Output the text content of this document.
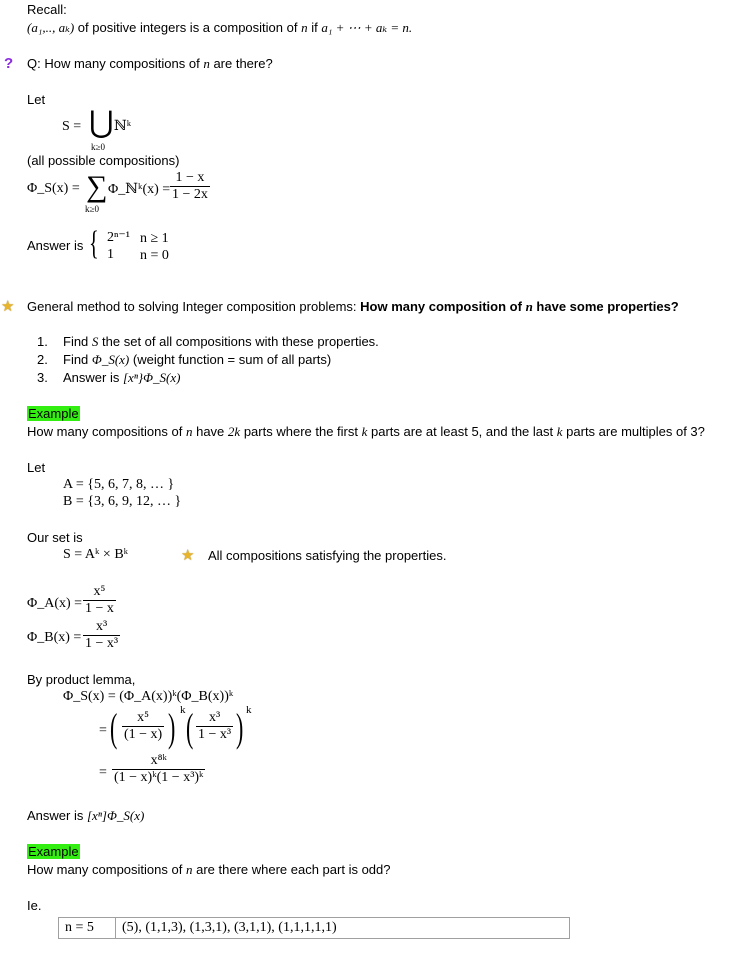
Recall:
(a₁,.., aₖ) of positive integers is a composition of n if a₁ + ⋯ + aₖ = n.
? Q: How many compositions of n are there?
Let
S = ⋃
k≥0
ℕᵏ
(all possible compositions)
Φ_S(x) = ∑
k≥0
Φ_ℕᵏ(x) = $\frac{1 - x}{1 - 2x}$
Answer is { 2ⁿ⁻¹ n ≥ 1
1 n = 0
★ General method to solving Integer composition problems: How many composition of n have some properties?
1. Find S the set of all compositions with these properties.
2. Find Φ_S(x) (weight function = sum of all parts)
3. Answer is [xⁿ}Φ_S(x)
Example
How many compositions of n have 2k parts where the first k parts are at least 5, and the last k parts are multiples of 3?
Let
A = {5, 6, 7, 8, … }
B = {3, 6, 9, 12, … }
Our set is
S = Aᵏ × Bᵏ	★ All compositions satisfying the properties.
Φ_A(x) = $\frac{\text{x⁵}}{1 - x}$
Φ_B(x) = $\frac{\text{x³}}{\text{1 − x³}}$
By product lemma,
Φ_S(x) = (Φ_A(x))ᵏ(Φ_B(x))ᵏ
= ( $\frac{\text{x⁵}}{(1 - x)}$ ) k ( $\frac{\text{x³}}{\text{1 − x³}}$ ) k
= $\frac{\text{x⁸ᵏ}}{\text{(1 − x)ᵏ(1 − x³)ᵏ}}$
Answer is [xⁿ]Φ_S(x)
Example
How many compositions of n are there where each part is odd?
Ie.
n = 5	(5), (1,1,3), (1,3,1), (3,1,1), (1,1,1,1,1)
